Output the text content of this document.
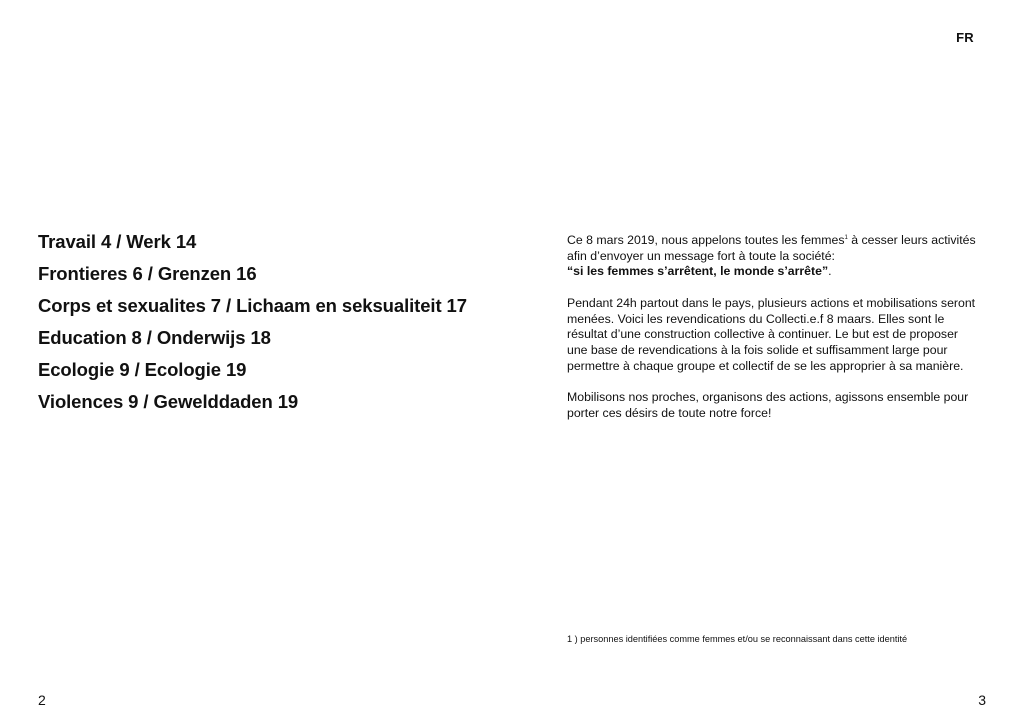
Travail 4 / Werk 14
Frontieres 6 / Grenzen 16
Corps et sexualites 7 / Lichaam en seksualiteit 17
Education 8 / Onderwijs 18
Ecologie 9 / Ecologie 19
Violences 9 / Gewelddaden 19
2
FR

Ce 8 mars 2019, nous appelons toutes les femmes$^1$ à cesser leurs activités afin d’envoyer un message fort à toute la société:
“si les femmes s’arrêtent, le monde s’arrête”.

Pendant 24h partout dans le pays, plusieurs actions et mobilisations seront menées. Voici les revendications du Collecti.e.f 8 maars. Elles sont le résultat d’une construction collective à continuer. Le but est de proposer une base de revendications à la fois solide et suffisamment large pour permettre à chaque groupe et collectif de se les approprier à sa manière.

Mobilisons nos proches, organisons des actions, agissons ensemble pour porter ces désirs de toute notre force!

1 ) personnes identifiées comme femmes et/ou se reconnaissant dans cette identité
3
